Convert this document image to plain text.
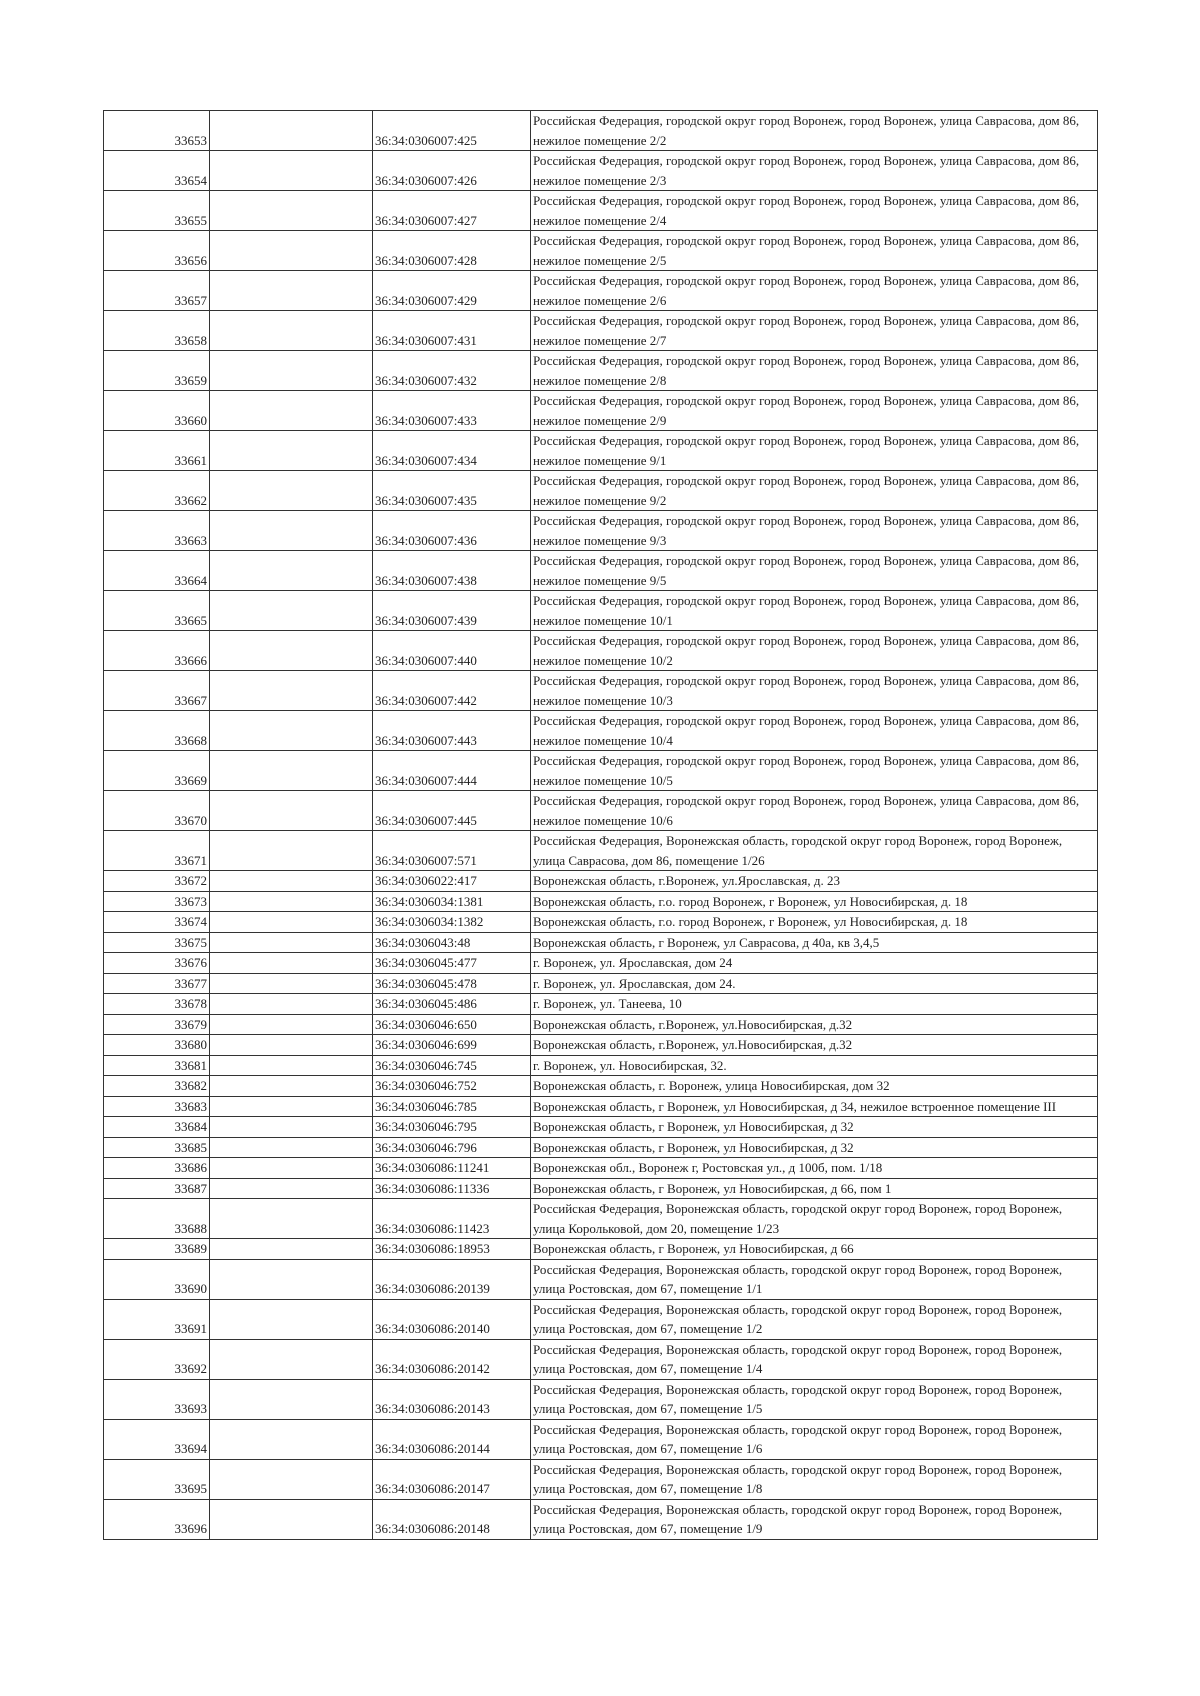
33653		36:34:0306007:425	Российская Федерация, городской округ город Воронеж, город Воронеж, улица Саврасова, дом 86, нежилое помещение 2/2
33654		36:34:0306007:426	Российская Федерация, городской округ город Воронеж, город Воронеж, улица Саврасова, дом 86, нежилое помещение 2/3
33655		36:34:0306007:427	Российская Федерация, городской округ город Воронеж, город Воронеж, улица Саврасова, дом 86, нежилое помещение 2/4
33656		36:34:0306007:428	Российская Федерация, городской округ город Воронеж, город Воронеж, улица Саврасова, дом 86, нежилое помещение 2/5
33657		36:34:0306007:429	Российская Федерация, городской округ город Воронеж, город Воронеж, улица Саврасова, дом 86, нежилое помещение 2/6
33658		36:34:0306007:431	Российская Федерация, городской округ город Воронеж, город Воронеж, улица Саврасова, дом 86, нежилое помещение 2/7
33659		36:34:0306007:432	Российская Федерация, городской округ город Воронеж, город Воронеж, улица Саврасова, дом 86, нежилое помещение 2/8
33660		36:34:0306007:433	Российская Федерация, городской округ город Воронеж, город Воронеж, улица Саврасова, дом 86, нежилое помещение 2/9
33661		36:34:0306007:434	Российская Федерация, городской округ город Воронеж, город Воронеж, улица Саврасова, дом 86, нежилое помещение 9/1
33662		36:34:0306007:435	Российская Федерация, городской округ город Воронеж, город Воронеж, улица Саврасова, дом 86, нежилое помещение 9/2
33663		36:34:0306007:436	Российская Федерация, городской округ город Воронеж, город Воронеж, улица Саврасова, дом 86, нежилое помещение 9/3
33664		36:34:0306007:438	Российская Федерация, городской округ город Воронеж, город Воронеж, улица Саврасова, дом 86, нежилое помещение 9/5
33665		36:34:0306007:439	Российская Федерация, городской округ город Воронеж, город Воронеж, улица Саврасова, дом 86, нежилое помещение 10/1
33666		36:34:0306007:440	Российская Федерация, городской округ город Воронеж, город Воронеж, улица Саврасова, дом 86, нежилое помещение 10/2
33667		36:34:0306007:442	Российская Федерация, городской округ город Воронеж, город Воронеж, улица Саврасова, дом 86, нежилое помещение 10/3
33668		36:34:0306007:443	Российская Федерация, городской округ город Воронеж, город Воронеж, улица Саврасова, дом 86, нежилое помещение 10/4
33669		36:34:0306007:444	Российская Федерация, городской округ город Воронеж, город Воронеж, улица Саврасова, дом 86, нежилое помещение 10/5
33670		36:34:0306007:445	Российская Федерация, городской округ город Воронеж, город Воронеж, улица Саврасова, дом 86, нежилое помещение 10/6
33671		36:34:0306007:571	Российская Федерация, Воронежская область, городской округ город Воронеж, город Воронеж, улица Саврасова, дом 86, помещение 1/26
33672		36:34:0306022:417	Воронежская область, г.Воронеж, ул.Ярославская, д. 23
33673		36:34:0306034:1381	Воронежская область, г.о. город Воронеж, г Воронеж, ул Новосибирская, д. 18
33674		36:34:0306034:1382	Воронежская область, г.о. город Воронеж, г Воронеж, ул Новосибирская, д. 18
33675		36:34:0306043:48	Воронежская область, г Воронеж, ул Саврасова, д 40а, кв 3,4,5
33676		36:34:0306045:477	г. Воронеж, ул. Ярославская, дом 24
33677		36:34:0306045:478	г. Воронеж, ул. Ярославская, дом 24.
33678		36:34:0306045:486	г. Воронеж, ул. Танеева, 10
33679		36:34:0306046:650	Воронежская область, г.Воронеж, ул.Новосибирская, д.32
33680		36:34:0306046:699	Воронежская область, г.Воронеж, ул.Новосибирская, д.32
33681		36:34:0306046:745	г. Воронеж, ул. Новосибирская, 32.
33682		36:34:0306046:752	Воронежская область, г. Воронеж, улица Новосибирская, дом 32
33683		36:34:0306046:785	Воронежская область, г Воронеж, ул Новосибирская, д 34, нежилое встроенное помещение III
33684		36:34:0306046:795	Воронежская область, г Воронеж, ул Новосибирская, д 32
33685		36:34:0306046:796	Воронежская область, г Воронеж, ул Новосибирская, д 32
33686		36:34:0306086:11241	Воронежская обл., Воронеж г, Ростовская ул., д 100б, пом. 1/18
33687		36:34:0306086:11336	Воронежская область, г Воронеж, ул Новосибирская, д 66, пом 1
33688		36:34:0306086:11423	Российская Федерация, Воронежская область, городской округ город Воронеж, город Воронеж, улица Корольковой, дом 20, помещение 1/23
33689		36:34:0306086:18953	Воронежская область, г Воронеж, ул Новосибирская, д 66
33690		36:34:0306086:20139	Российская Федерация, Воронежская область, городской округ город Воронеж, город Воронеж, улица Ростовская, дом 67, помещение 1/1
33691		36:34:0306086:20140	Российская Федерация, Воронежская область, городской округ город Воронеж, город Воронеж, улица Ростовская, дом 67, помещение 1/2
33692		36:34:0306086:20142	Российская Федерация, Воронежская область, городской округ город Воронеж, город Воронеж, улица Ростовская, дом 67, помещение 1/4
33693		36:34:0306086:20143	Российская Федерация, Воронежская область, городской округ город Воронеж, город Воронеж, улица Ростовская, дом 67, помещение 1/5
33694		36:34:0306086:20144	Российская Федерация, Воронежская область, городской округ город Воронеж, город Воронеж, улица Ростовская, дом 67, помещение 1/6
33695		36:34:0306086:20147	Российская Федерация, Воронежская область, городской округ город Воронеж, город Воронеж, улица Ростовская, дом 67, помещение 1/8
33696		36:34:0306086:20148	Российская Федерация, Воронежская область, городской округ город Воронеж, город Воронеж, улица Ростовская, дом 67, помещение 1/9
